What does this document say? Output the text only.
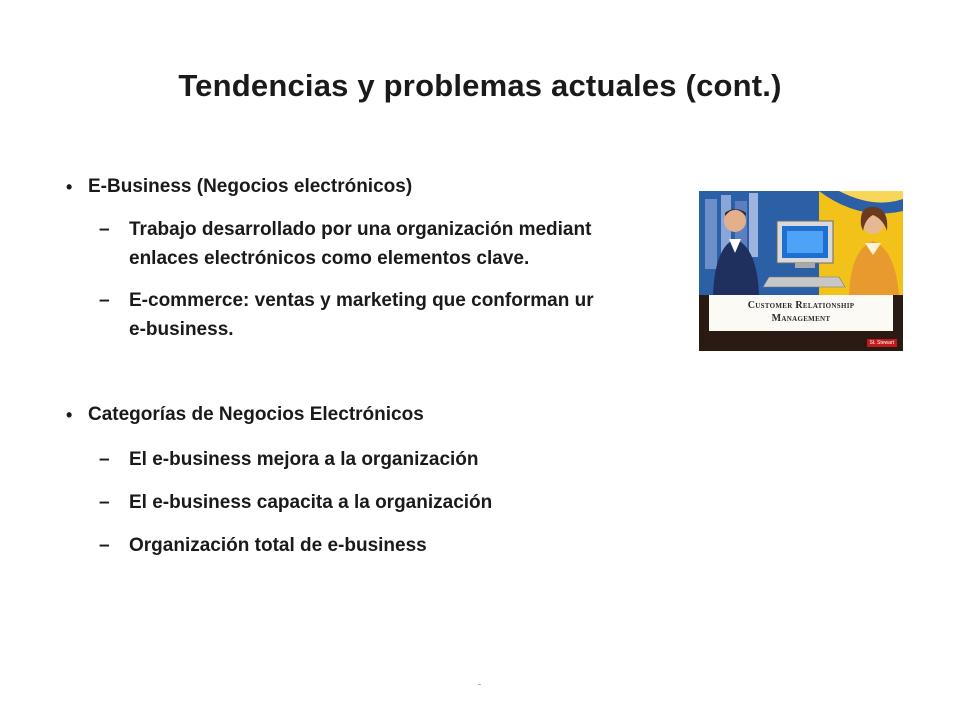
Tendencias y problemas actuales (cont.)
• E-Business (Negocios electrónicos)
– Trabajo desarrollado por una organización mediant
enlaces electrónicos como elementos clave.
– E-commerce: ventas y marketing que conforman ur
e-business.
• Categorías de Negocios Electrónicos
– El e-business mejora a la organización
– El e-business capacita a la organización
– Organización total de e-business
Customer Relationship
Management
St. Stewart
